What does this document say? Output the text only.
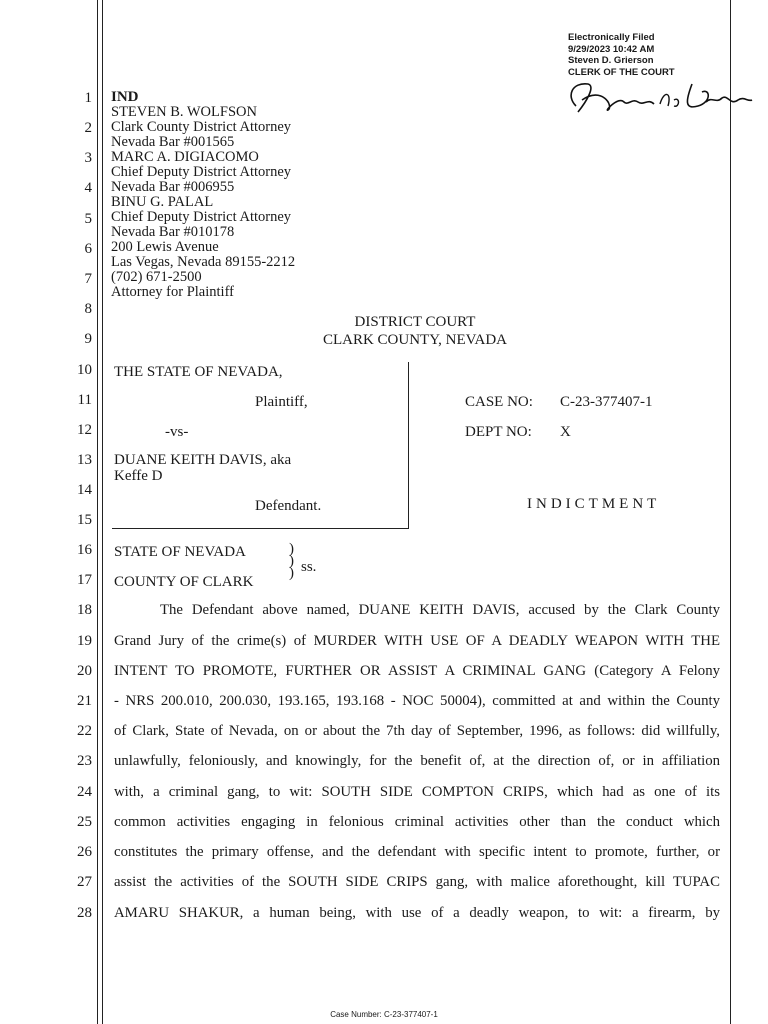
Electronically Filed
9/29/2023 10:42 AM
Steven D. Grierson
CLERK OF THE COURT
1
2
3
4
5
6
7
8
9
10
11
12
13
14
15
16
17
18
19
20
21
22
23
24
25
26
27
28
IND
STEVEN B. WOLFSON
Clark County District Attorney
Nevada Bar #001565
MARC A. DIGIACOMO
Chief Deputy District Attorney
Nevada Bar #006955
BINU G. PALAL
Chief Deputy District Attorney
Nevada Bar #010178
200 Lewis Avenue
Las Vegas, Nevada 89155-2212
(702) 671-2500
Attorney for Plaintiff
DISTRICT COURT
CLARK COUNTY, NEVADA
THE STATE OF NEVADA,
Plaintiff,
-vs-
DUANE KEITH DAVIS, aka
Keffe D
Defendant.
CASE NO: C-23-377407-1
DEPT NO: X
INDICTMENT
STATE OF NEVADA
COUNTY OF CLARK
)
)
) ss.
The Defendant above named, DUANE KEITH DAVIS, accused by the Clark County
Grand Jury of the crime(s) of MURDER WITH USE OF A DEADLY WEAPON WITH THE
INTENT TO PROMOTE, FURTHER OR ASSIST A CRIMINAL GANG (Category A Felony
- NRS 200.010, 200.030, 193.165, 193.168 - NOC 50004), committed at and within the County
of Clark, State of Nevada, on or about the 7th day of September, 1996, as follows: did willfully,
unlawfully, feloniously, and knowingly, for the benefit of, at the direction of, or in affiliation
with, a criminal gang, to wit: SOUTH SIDE COMPTON CRIPS, which had as one of its
common activities engaging in felonious criminal activities other than the conduct which
constitutes the primary offense, and the defendant with specific intent to promote, further, or
assist the activities of the SOUTH SIDE CRIPS gang, with malice aforethought, kill TUPAC
AMARU SHAKUR, a human being, with use of a deadly weapon, to wit: a firearm, by
Case Number: C-23-377407-1
